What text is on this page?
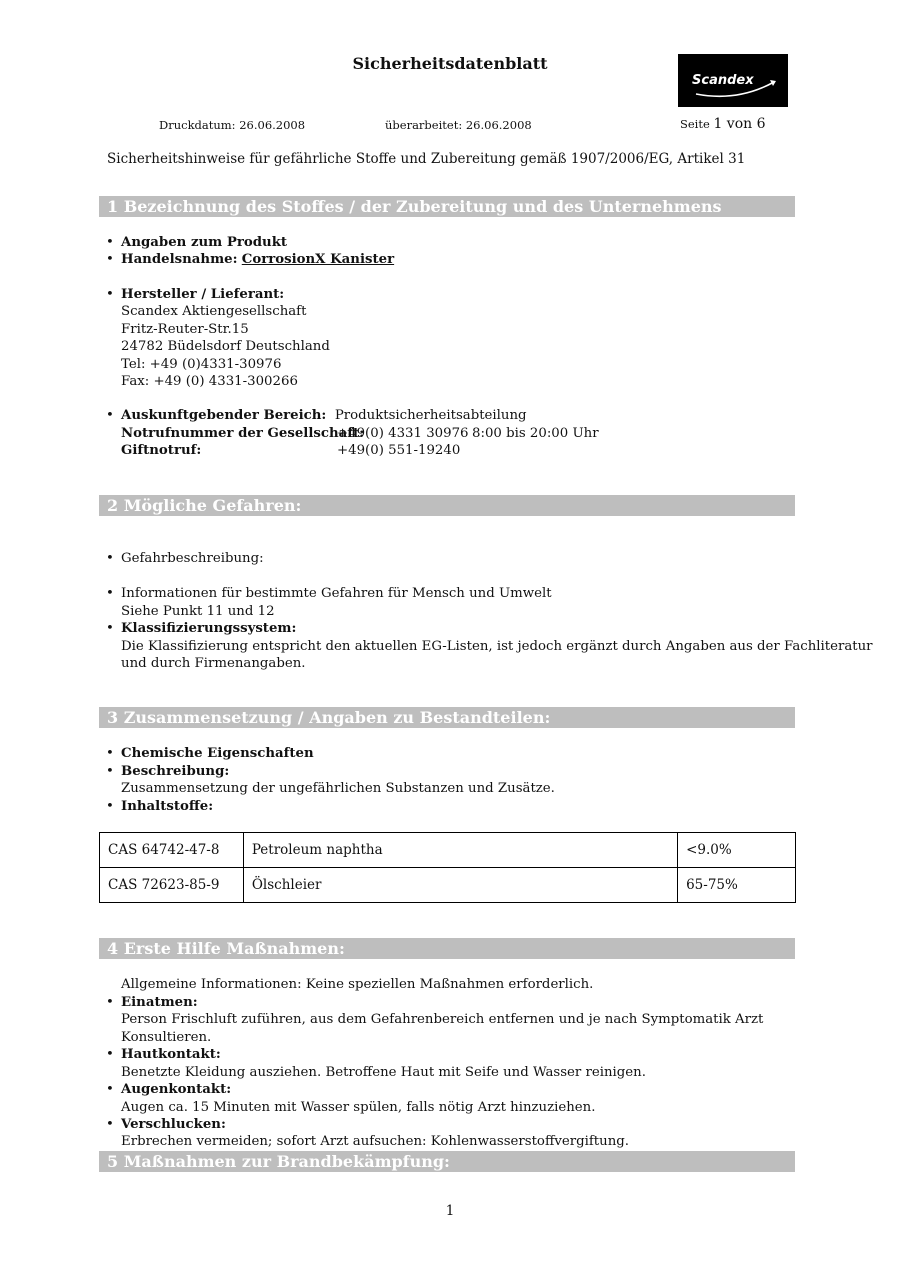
Sicherheitsdatenblatt
Scandex
Druckdatum: 26.06.2008	überarbeitet: 26.06.2008	Seite 1 von 6
Sicherheitshinweise für gefährliche Stoffe und Zubereitung gemäß 1907/2006/EG, Artikel 31
1 Bezeichnung des Stoffes / der Zubereitung und des Unternehmens
• Angaben zum Produkt
• Handelsnahme: CorrosionX Kanister
• Hersteller / Lieferant:
Scandex Aktiengesellschaft
Fritz-Reuter-Str.15
24782 Büdelsdorf Deutschland
Tel: +49 (0)4331-30976
Fax: +49 (0) 4331-300266
• Auskunftgebender Bereich: Produktsicherheitsabteilung
Notrufnummer der Gesellschaft:
+49(0) 4331 30976 8:00 bis 20:00 Uhr
Giftnotruf:	+49(0) 551-19240
2 Mögliche Gefahren:
• Gefahrbeschreibung:
• Informationen für bestimmte Gefahren für Mensch und Umwelt
Siehe Punkt 11 und 12
• Klassifizierungssystem:
Die Klassifizierung entspricht den aktuellen EG-Listen, ist jedoch ergänzt durch Angaben aus der Fachliteratur
und durch Firmenangaben.
3 Zusammensetzung / Angaben zu Bestandteilen:
• Chemische Eigenschaften
• Beschreibung:
Zusammensetzung der ungefährlichen Substanzen und Zusätze.
• Inhaltstoffe:
CAS 64742-47-8	Petroleum naphtha	<9.0%
CAS 72623-85-9	Ölschleier	65-75%
4 Erste Hilfe Maßnahmen:
Allgemeine Informationen: Keine speziellen Maßnahmen erforderlich.
• Einatmen:
Person Frischluft zuführen, aus dem Gefahrenbereich entfernen und je nach Symptomatik Arzt
Konsultieren.
• Hautkontakt:
Benetzte Kleidung ausziehen. Betroffene Haut mit Seife und Wasser reinigen.
• Augenkontakt:
Augen ca. 15 Minuten mit Wasser spülen, falls nötig Arzt hinzuziehen.
• Verschlucken:
Erbrechen vermeiden; sofort Arzt aufsuchen: Kohlenwasserstoffvergiftung.
5 Maßnahmen zur Brandbekämpfung:
1
